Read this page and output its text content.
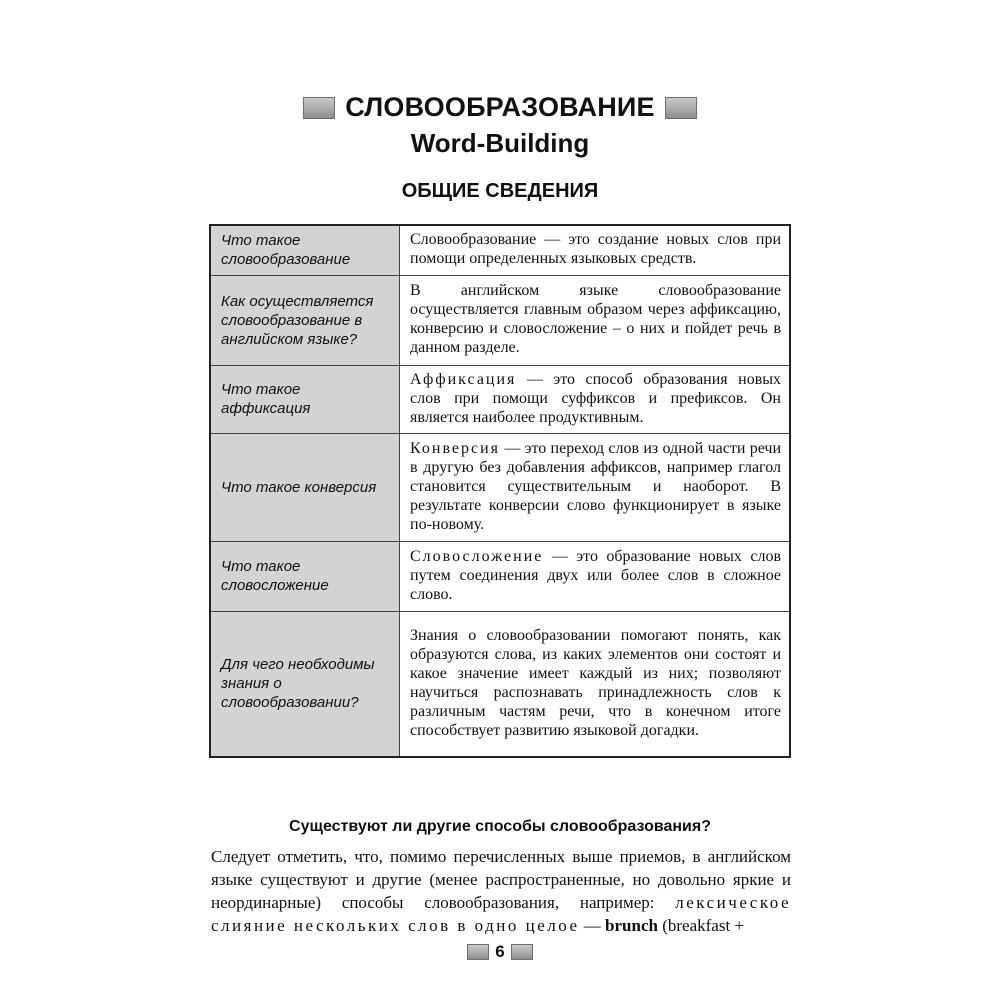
СЛОВООБРАЗОВАНИЕ
Word-Building
ОБЩИЕ СВЕДЕНИЯ
Что такое словообразование	Словообразование — это создание новых слов при помощи определенных языковых средств.
Как осуществляется словообразование в английском языке?	В английском языке словообразование осуществляется главным образом через аффиксацию, конверсию и словосложение – о них и пойдет речь в данном разделе.
Что такое аффиксация	Аффиксация — это способ образования новых слов при помощи суффиксов и префиксов. Он является наиболее продуктивным.
Что такое конверсия	Конверсия — это переход слов из одной части речи в другую без добавления аффиксов, например глагол становится существительным и наоборот. В результате конверсии слово функционирует в языке по-новому.
Что такое словосложение	Словосложение — это образование новых слов путем соединения двух или более слов в сложное слово.
Для чего необходимы знания о словообразовании?	Знания о словообразовании помогают понять, как образуются слова, из каких элементов они состоят и какое значение имеет каждый из них; позволяют научиться распознавать принадлежность слов к различным частям речи, что в конечном итоге способствует развитию языковой догадки.
Существуют ли другие способы словообразования?
Следует отметить, что, помимо перечисленных выше приемов, в английском языке существуют и другие (менее распространенные, но довольно яркие и неординарные) способы словообразования, например: лексическое слияние нескольких слов в одно целое — brunch (breakfast +
6
